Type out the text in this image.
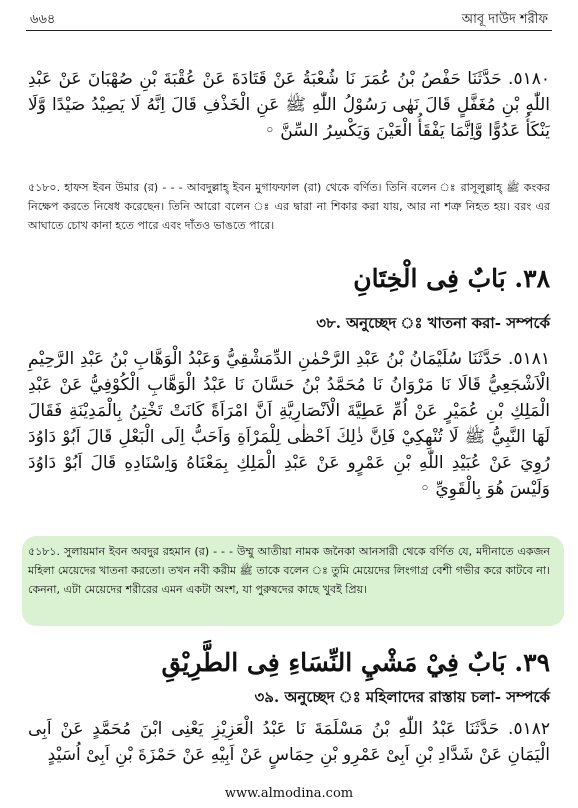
৬৬৪	আবূ দাউদ শরীফ
٥١٨٠. حَدَّثَنَا حَفْصُ بْنُ عُمَرَ نَا شُعْبَةُ عَنْ قَتَادَةَ عَنْ عُقْبَةَ بْنِ صُهْبَانَ عَنْ عَبْدِ اللّٰهِ بْنِ مُغَفَّلٍ قَالَ نَهٰى رَسُوْلُ اللّٰهِ ﷺ عَنِ الْخَذْفِ قَالَ اِنَّهُ لَا يَصِيْدُ صَيْدًا وَّلَا يَنْكَأُ عَدُوًّا وَّاِنَّمَا يَفْقَأُ الْعَيْنَ وَيَكْسِرُ السِّنَّ ◦
৫১৮০. হাফস ইবন উমার (র) - - - আবদুল্লাহ্ ইবন মুগাফফাল (রা) থেকে বর্ণিত। তিনি বলেন ঃ রাসূলুল্লাহ্ ﷺ কংকর নিক্ষেপ করতে নিষেধ করেছেন। তিনি আরো বলেন ঃ এর দ্বারা না শিকার করা যায়, আর না শত্রু নিহত হয়। বরং এর আঘাতে চোখ কানা হতে পারে এবং দাঁতও ভাঙতে পারে।
٣٨. بَابٌ فِى الْخِتَانِ
৩৮. অনুচ্ছেদ ঃ খাতনা করা- সম্পর্কে
٥١٨١. حَدَّثَنَا سُلَيْمَانُ بْنُ عَبْدِ الرَّحْمٰنِ الدِّمَشْقِيُّ وَعَبْدُ الْوَهَّابِ بْنُ عَبْدِ الرَّحِيْمِ الْاَشْجَعِيُّ قَالَا نَا مَرْوَانُ نَا مُحَمَّدُ بْنُ حَسَّانَ نَا عَبْدُ الْوَهَّابِ الْكُوْفِيُّ عَنْ عَبْدِ الْمَلِكِ بْنِ عُمَيْرٍ عَنْ اُمِّ عَطِيَّةَ الْاَنْصَارِيَّةِ اَنَّ امْرَاَةً كَانَتْ تَخْتِنُ بِالْمَدِيْنَةِ فَقَالَ لَهَا النَّبِيُّ ﷺ لَا تُنْهِكِيْ فَاِنَّ ذٰلِكَ اَحْظٰى لِلْمَرْاَةِ وَاَحَبُّ اِلَى الْبَعْلِ قَالَ اَبُوْ دَاوُدَ رُوِيَ عَنْ عُبَيْدِ اللّٰهِ بْنِ عَمْرٍو عَنْ عَبْدِ الْمَلِكِ بِمَعْنَاهُ وَاِسْنَادِهِ قَالَ اَبُوْ دَاوُدَ وَلَيْسَ هُوَ بِالْقَوِيِّ ◦
৫১৮১. সুলায়মান ইবন অবদুর রহমান (র) - - - উম্মু আতীয়া নামক জনৈকা আনসারী থেকে বর্ণিত যে, মদীনাতে একজন মহিলা মেয়েদের খাতনা করতো। তখন নবী করীম ﷺ তাকে বলেন ঃ তুমি মেয়েদের লিংগাগ্র বেশী গভীর করে কাটবে না। কেননা, এটা মেয়েদের শরীরের এমন একটা অংশ, যা পুরুষদের কাছে খুবই প্রিয়।
٣٩. بَابٌ فِيْ مَشْيِ النِّسَاءِ فِى الطَّرِيْقِ
৩৯. অনুচ্ছেদ ঃ মহিলাদের রাস্তায় চলা- সম্পর্কে
٥١٨٢. حَدَّثَنَا عَبْدُ اللّٰهِ بْنُ مَسْلَمَةَ نَا عَبْدُ الْعَزِيْزِ يَعْنِى ابْنَ مُحَمَّدٍ عَنْ اَبِى الْيَمَانِ عَنْ شَدَّادِ بْنِ اَبِىْ عَمْرِو بْنِ حِمَاسٍ عَنْ اَبِيْهِ عَنْ حَمْزَةَ بْنِ اَبِىْ اُسَيْدٍ
www.almodina.com
